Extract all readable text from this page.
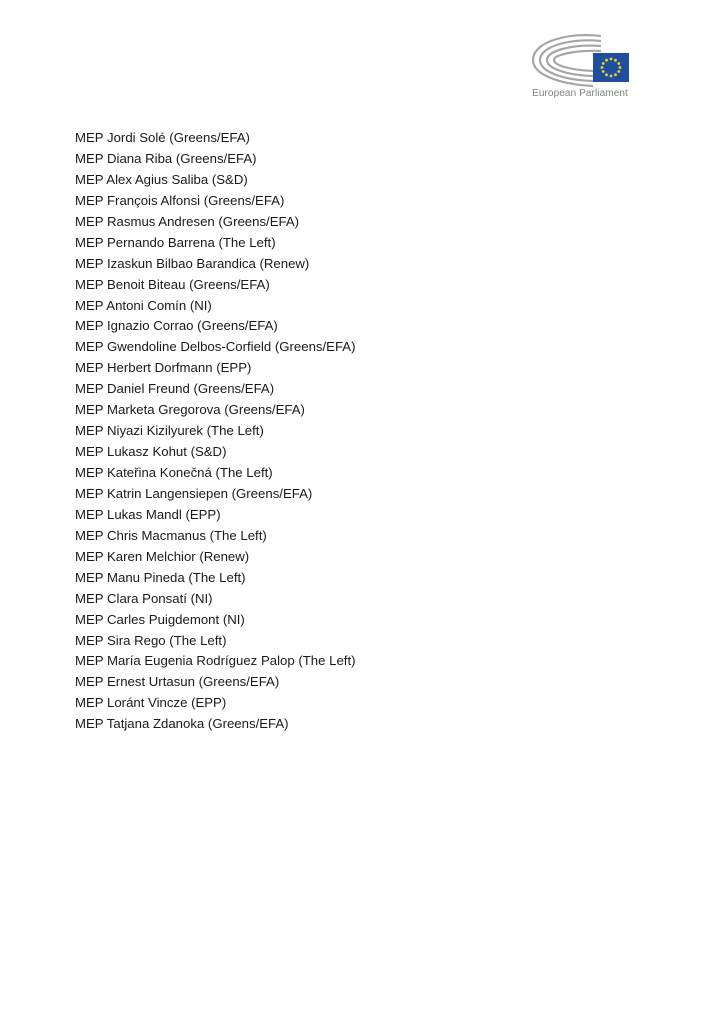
European Parliament
MEP Jordi Solé (Greens/EFA)
MEP Diana Riba (Greens/EFA)
MEP Alex Agius Saliba (S&D)
MEP François Alfonsi (Greens/EFA)
MEP Rasmus Andresen (Greens/EFA)
MEP Pernando Barrena (The Left)
MEP Izaskun Bilbao Barandica (Renew)
MEP Benoit Biteau (Greens/EFA)
MEP Antoni Comín (NI)
MEP Ignazio Corrao (Greens/EFA)
MEP Gwendoline Delbos-Corfield (Greens/EFA)
MEP Herbert Dorfmann (EPP)
MEP Daniel Freund (Greens/EFA)
MEP Marketa Gregorova (Greens/EFA)
MEP Niyazi Kizilyurek (The Left)
MEP Lukasz Kohut (S&D)
MEP Kateřina Konečná (The Left)
MEP Katrin Langensiepen (Greens/EFA)
MEP Lukas Mandl (EPP)
MEP Chris Macmanus (The Left)
MEP Karen Melchior (Renew)
MEP Manu Pineda (The Left)
MEP Clara Ponsatí (NI)
MEP Carles Puigdemont (NI)
MEP Sira Rego (The Left)
MEP María Eugenia Rodríguez Palop (The Left)
MEP Ernest Urtasun (Greens/EFA)
MEP Loránt Vincze (EPP)
MEP Tatjana Zdanoka (Greens/EFA)
